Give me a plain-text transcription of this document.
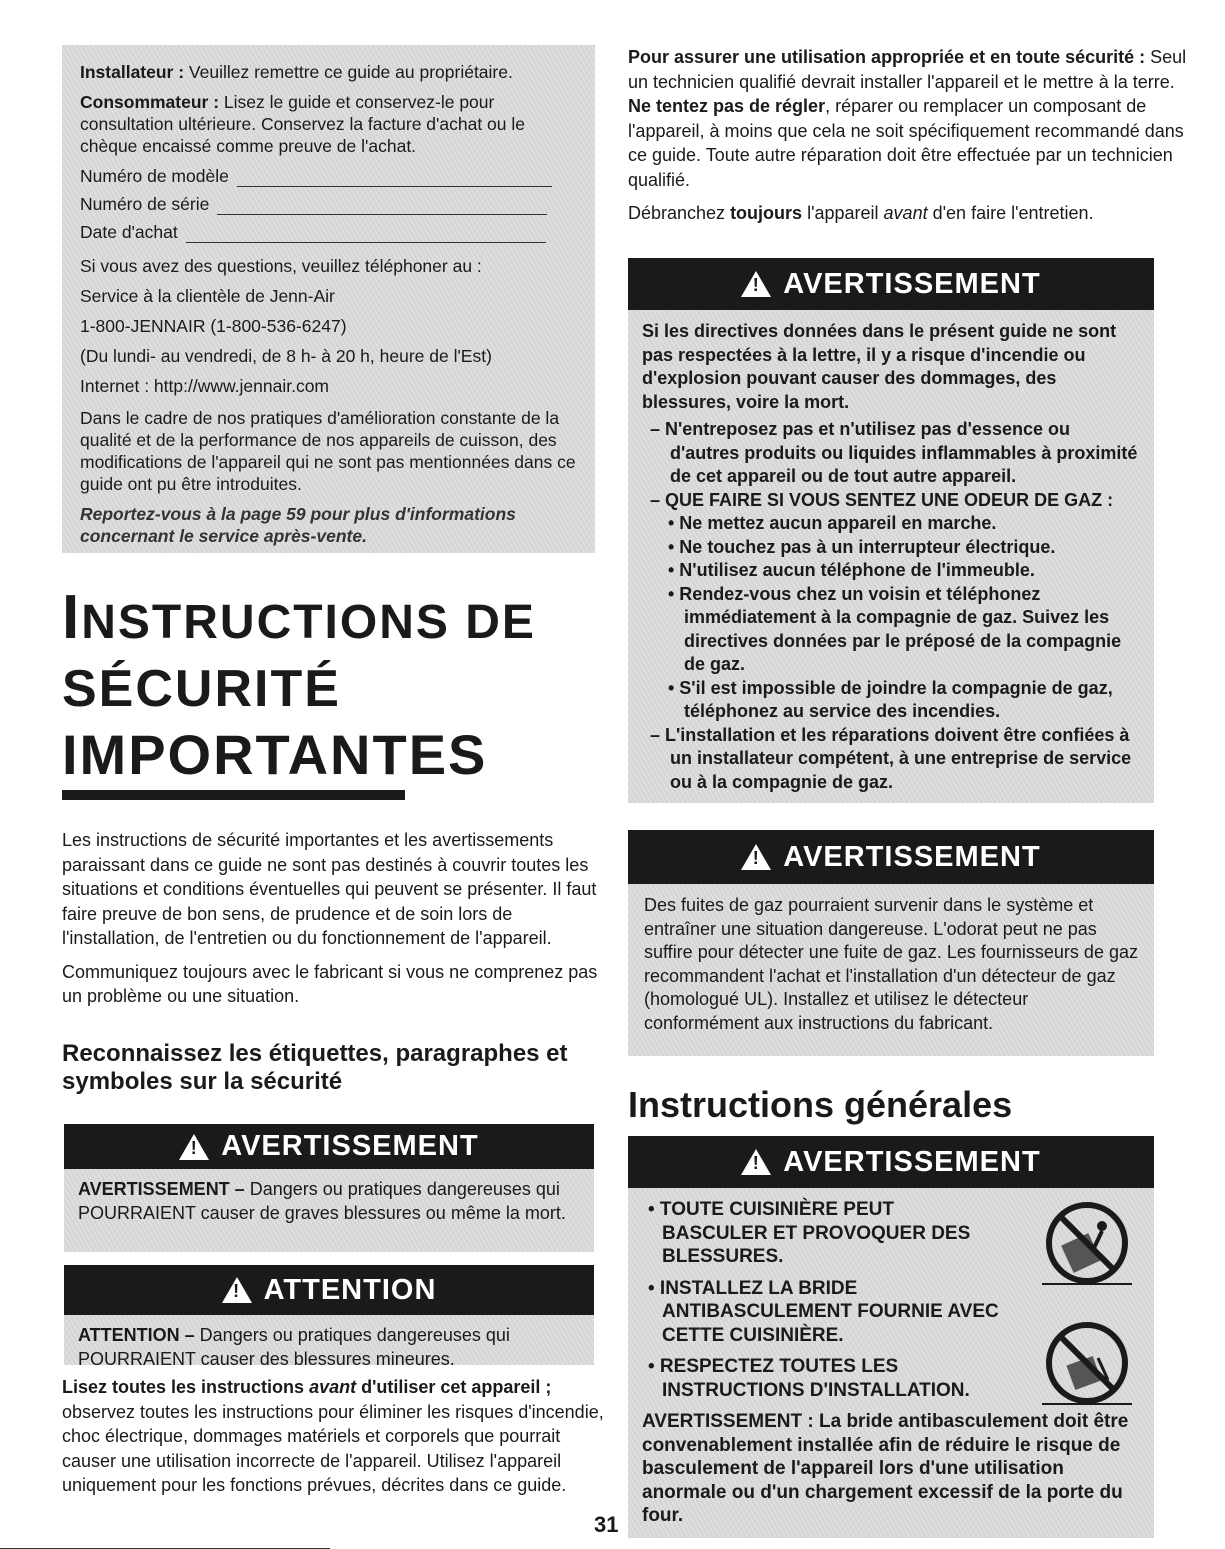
Installateur : Veuillez remettre ce guide au propriétaire.

Consommateur : Lisez le guide et conservez-le pour consultation ultérieure. Conservez la facture d'achat ou le chèque encaissé comme preuve de l'achat.

Numéro de modèle
Numéro de série
Date d'achat

Si vous avez des questions, veuillez téléphoner au :

Service à la clientèle de Jenn-Air

1-800-JENNAIR (1-800-536-6247)

(Du lundi- au vendredi, de 8 h- à 20 h, heure de l'Est)

Internet : http://www.jennair.com

Dans le cadre de nos pratiques d'amélioration constante de la qualité et de la performance de nos appareils de cuisson, des modifications de l'appareil qui ne sont pas mentionnées dans ce guide ont pu être introduites.

Reportez-vous à la page 59 pour plus d'informations concernant le service après-vente.

INSTRUCTIONS DE
SÉCURITÉ
IMPORTANTES

Les instructions de sécurité importantes et les avertissements paraissant dans ce guide ne sont pas destinés à couvrir toutes les situations et conditions éventuelles qui peuvent se présenter. Il faut faire preuve de bon sens, de prudence et de soin lors de l'installation, de l'entretien ou du fonctionnement de l'appareil.

Communiquez toujours avec le fabricant si vous ne comprenez pas un problème ou une situation.

Reconnaissez les étiquettes, paragraphes et symboles sur la sécurité
! AVERTISSEMENT
AVERTISSEMENT – Dangers ou pratiques dangereuses qui POURRAIENT causer de graves blessures ou même la mort.
! ATTENTION
ATTENTION – Dangers ou pratiques dangereuses qui POURRAIENT causer des blessures mineures.
Lisez toutes les instructions avant d'utiliser cet appareil ; observez toutes les instructions pour éliminer les risques d'incendie, choc électrique, dommages matériels et corporels que pourrait causer une utilisation incorrecte de l'appareil. Utilisez l'appareil uniquement pour les fonctions prévues, décrites dans ce guide.
31

Pour assurer une utilisation appropriée et en toute sécurité : Seul un technicien qualifié devrait installer l'appareil et le mettre à la terre. Ne tentez pas de régler, réparer ou remplacer un composant de l'appareil, à moins que cela ne soit spécifiquement recommandé dans ce guide. Toute autre réparation doit être effectuée par un technicien qualifié.

Débranchez toujours l'appareil avant d'en faire l'entretien.

! AVERTISSEMENT
Si les directives données dans le présent guide ne sont pas respectées à la lettre, il y a risque d'incendie ou d'explosion pouvant causer des dommages, des blessures, voire la mort.
– N'entreposez pas et n'utilisez pas d'essence ou d'autres produits ou liquides inflammables à proximité de cet appareil ou de tout autre appareil.
– QUE FAIRE SI VOUS SENTEZ UNE ODEUR DE GAZ :
• Ne mettez aucun appareil en marche.
• Ne touchez pas à un interrupteur électrique.
• N'utilisez aucun téléphone de l'immeuble.
• Rendez-vous chez un voisin et téléphonez immédiatement à la compagnie de gaz. Suivez les directives données par le préposé de la compagnie de gaz.
• S'il est impossible de joindre la compagnie de gaz, téléphonez au service des incendies.
– L'installation et les réparations doivent être confiées à un installateur compétent, à une entreprise de service ou à la compagnie de gaz.
! AVERTISSEMENT
Des fuites de gaz pourraient survenir dans le système et entraîner une situation dangereuse. L'odorat peut ne pas suffire pour détecter une fuite de gaz. Les fournisseurs de gaz recommandent l'achat et l'installation d'un détecteur de gaz (homologué UL). Installez et utilisez le détecteur conformément aux instructions du fabricant.
Instructions générales
! AVERTISSEMENT
• TOUTE CUISINIÈRE PEUT BASCULER ET PROVOQUER DES BLESSURES.
• INSTALLEZ LA BRIDE ANTIBASCULEMENT FOURNIE AVEC CETTE CUISINIÈRE.
• RESPECTEZ TOUTES LES INSTRUCTIONS D'INSTALLATION.
AVERTISSEMENT : La bride antibasculement doit être convenablement installée afin de réduire le risque de basculement de l'appareil lors d'une utilisation anormale ou d'un chargement excessif de la porte du four.
